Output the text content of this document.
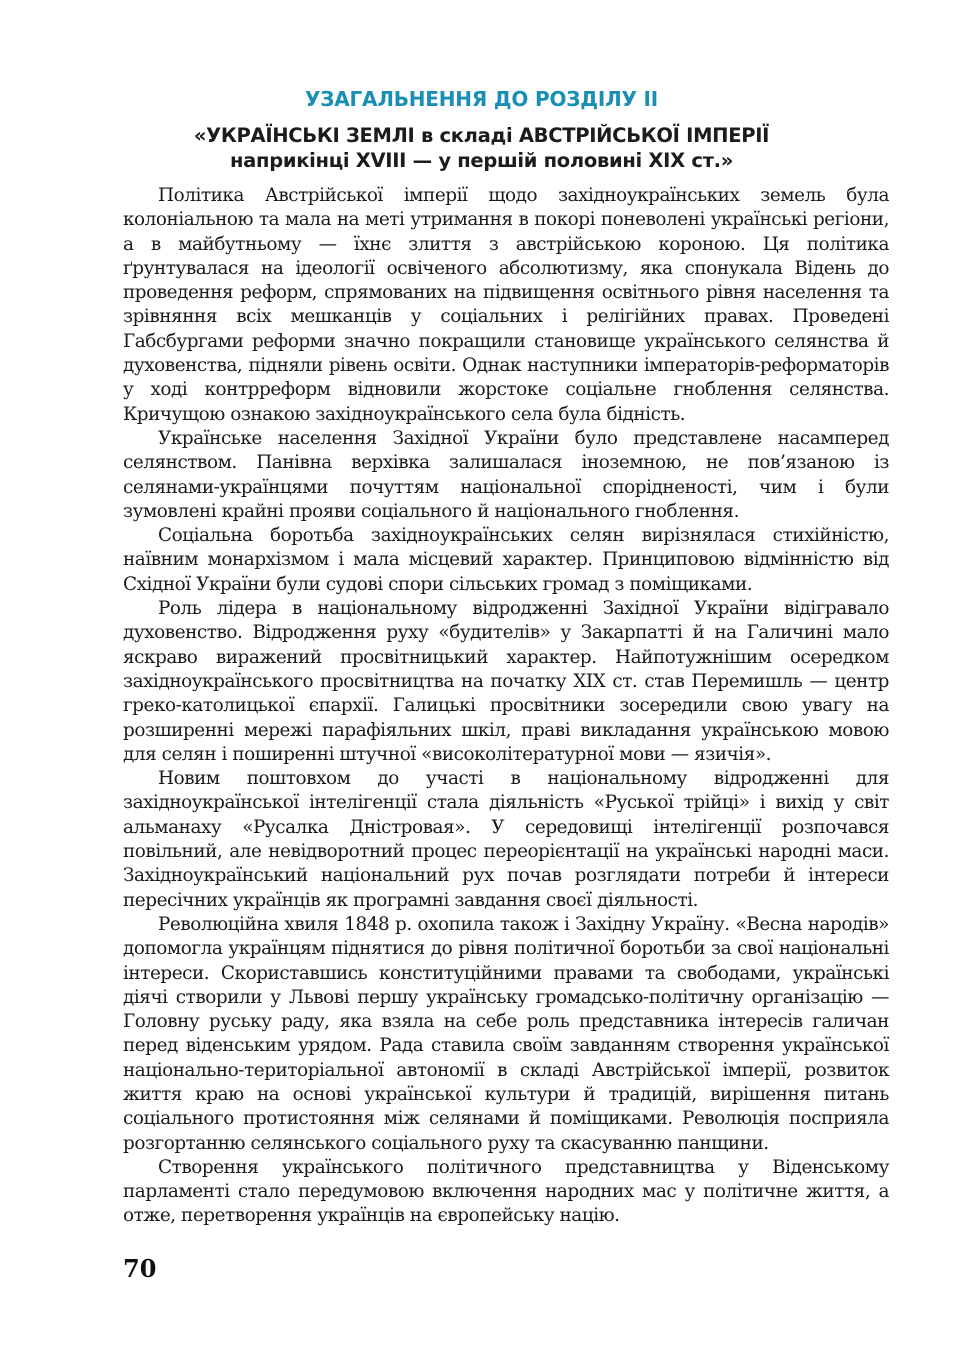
УЗАГАЛЬНЕННЯ ДО РОЗДІЛУ ІІ
«УКРАЇНСЬКІ ЗЕМЛІ в складі АВСТРІЙСЬКОЇ ІМПЕРІЇ
наприкінці XVIII — у першій половині XIX ст.»

Політика Австрійської імперії щодо західноукраїнських земель була колоніальною та мала на меті утримання в покорі поневолені українські регіони, а в майбутньому — їхнє злиття з австрійською короною. Ця політика ґрунтувалася на ідеології освіченого абсолютизму, яка спонукала Відень до проведення реформ, спрямованих на підвищення освітнього рівня населення та зрівняння всіх мешканців у соціальних і релігійних правах. Проведені Габсбургами реформи значно покращили становище українського селянства й духовенства, підняли рівень освіти. Однак наступники імператорів-реформаторів у ході контрреформ відновили жорстоке соціальне гноблення селянства. Кричущою ознакою західноукраїнського села була бідність.

Українське населення Західної України було представлене насамперед селянством. Панівна верхівка залишалася іноземною, не пов’язаною із селянами-українцями почуттям національної спорідненості, чим і були зумовлені крайні прояви соціального й національного гноблення.

Соціальна боротьба західноукраїнських селян вирізнялася стихійністю, наївним монархізмом і мала місцевий характер. Принциповою відмінністю від Східної України були судові спори сільських громад з поміщиками.

Роль лідера в національному відродженні Західної України відігравало духовенство. Відродження руху «будителів» у Закарпатті й на Галичині мало яскраво виражений просвітницький характер. Найпотужнішим осередком західноукраїнського просвітництва на початку XIX ст. став Перемишль — центр греко-католицької єпархії. Галицькі просвітники зосередили свою увагу на розширенні мережі парафіяльних шкіл, праві викладання українською мовою для селян і поширенні штучної «високолітературної мови — язичія».

Новим поштовхом до участі в національному відродженні для західноукраїнської інтелігенції стала діяльність «Руської трійці» і вихід у світ альманаху «Русалка Дністровая». У середовищі інтелігенції розпочався повільний, але невідворотний процес переорієнтації на українські народні маси. Західноукраїнський національний рух почав розглядати потреби й інтереси пересічних українців як програмні завдання своєї діяльності.

Революційна хвиля 1848 р. охопила також і Західну Україну. «Весна народів» допомогла українцям піднятися до рівня політичної боротьби за свої національні інтереси. Скориставшись конституційними правами та свободами, українські діячі створили у Львові першу українську громадсько-політичну організацію — Головну руську раду, яка взяла на себе роль представника інтересів галичан перед віденським урядом. Рада ставила своїм завданням створення української національно-територіальної автономії в складі Австрійської імперії, розвиток життя краю на основі української культури й традицій, вирішення питань соціального протистояння між селянами й поміщиками. Революція посприяла розгортанню селянського соціального руху та скасуванню панщини.

Створення українського політичного представництва у Віденському парламенті стало передумовою включення народних мас у політичне життя, а отже, перетворення українців на європейську націю.

70
